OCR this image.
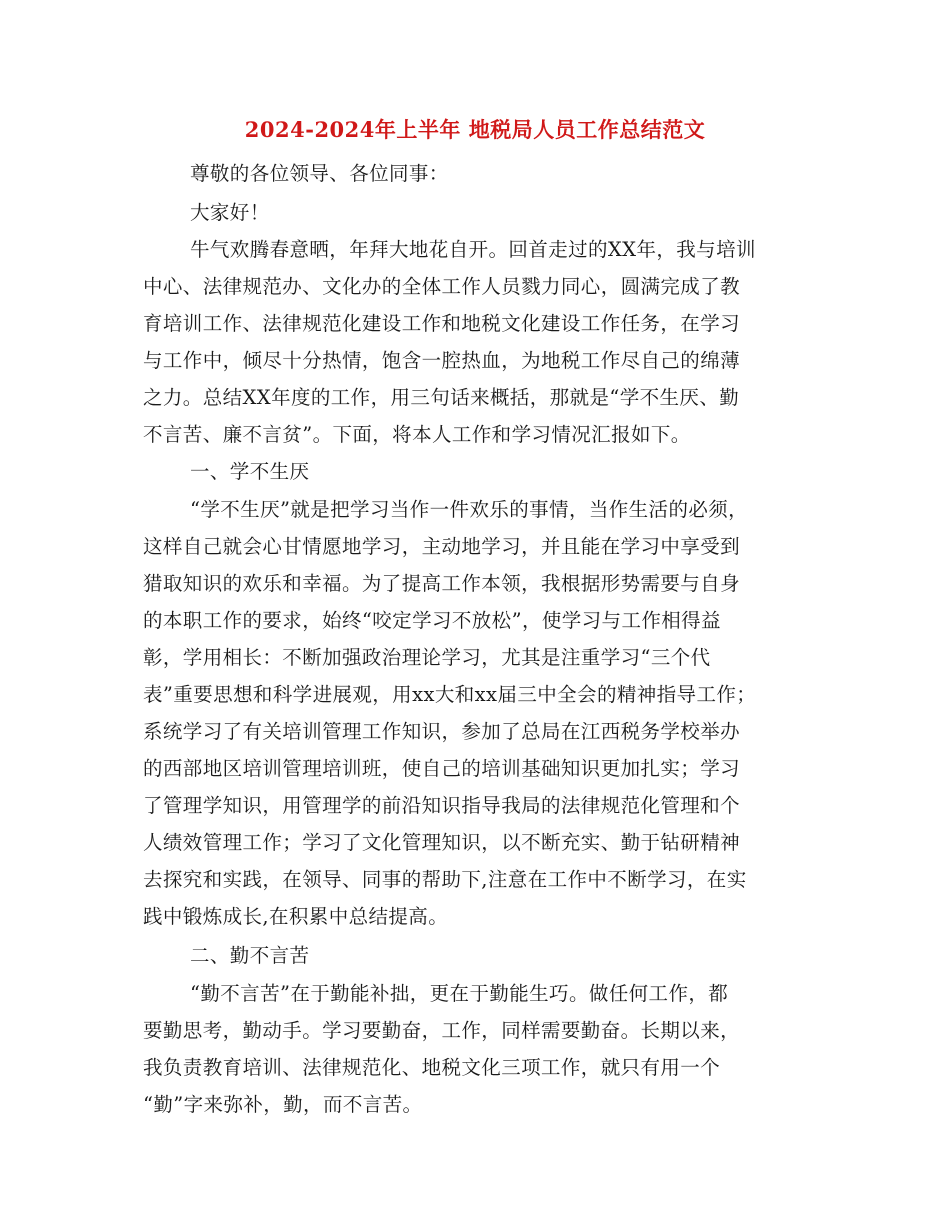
2024-2024年上半年 地税局人员工作总结范文
尊敬的各位领导、各位同事：
大家好！
牛气欢腾春意晒，年拜大地花自开。回首走过的XX年，我与培训
中心、法律规范办、文化办的全体工作人员戮力同心，圆满完成了教
育培训工作、法律规范化建设工作和地税文化建设工作任务，在学习
与工作中，倾尽十分热情，饱含一腔热血，为地税工作尽自己的绵薄
之力。总结XX年度的工作，用三句话来概括，那就是“学不生厌、勤
不言苦、廉不言贫”。下面，将本人工作和学习情况汇报如下。
一、学不生厌
“学不生厌”就是把学习当作一件欢乐的事情，当作生活的必须，
这样自己就会心甘情愿地学习，主动地学习，并且能在学习中享受到
猎取知识的欢乐和幸福。为了提高工作本领，我根据形势需要与自身
的本职工作的要求，始终“咬定学习不放松”，使学习与工作相得益
彰，学用相长：不断加强政治理论学习，尤其是注重学习“三个代
表”重要思想和科学进展观，用xx大和xx届三中全会的精神指导工作；
系统学习了有关培训管理工作知识，参加了总局在江西税务学校举办
的西部地区培训管理培训班，使自己的培训基础知识更加扎实；学习
了管理学知识，用管理学的前沿知识指导我局的法律规范化管理和个
人绩效管理工作；学习了文化管理知识，以不断充实、勤于钻研精神
去探究和实践，在领导、同事的帮助下,注意在工作中不断学习，在实
践中锻炼成长,在积累中总结提高。
二、勤不言苦
“勤不言苦”在于勤能补拙，更在于勤能生巧。做任何工作，都
要勤思考，勤动手。学习要勤奋，工作，同样需要勤奋。长期以来，
我负责教育培训、法律规范化、地税文化三项工作，就只有用一个
“勤”字来弥补，勤，而不言苦。
